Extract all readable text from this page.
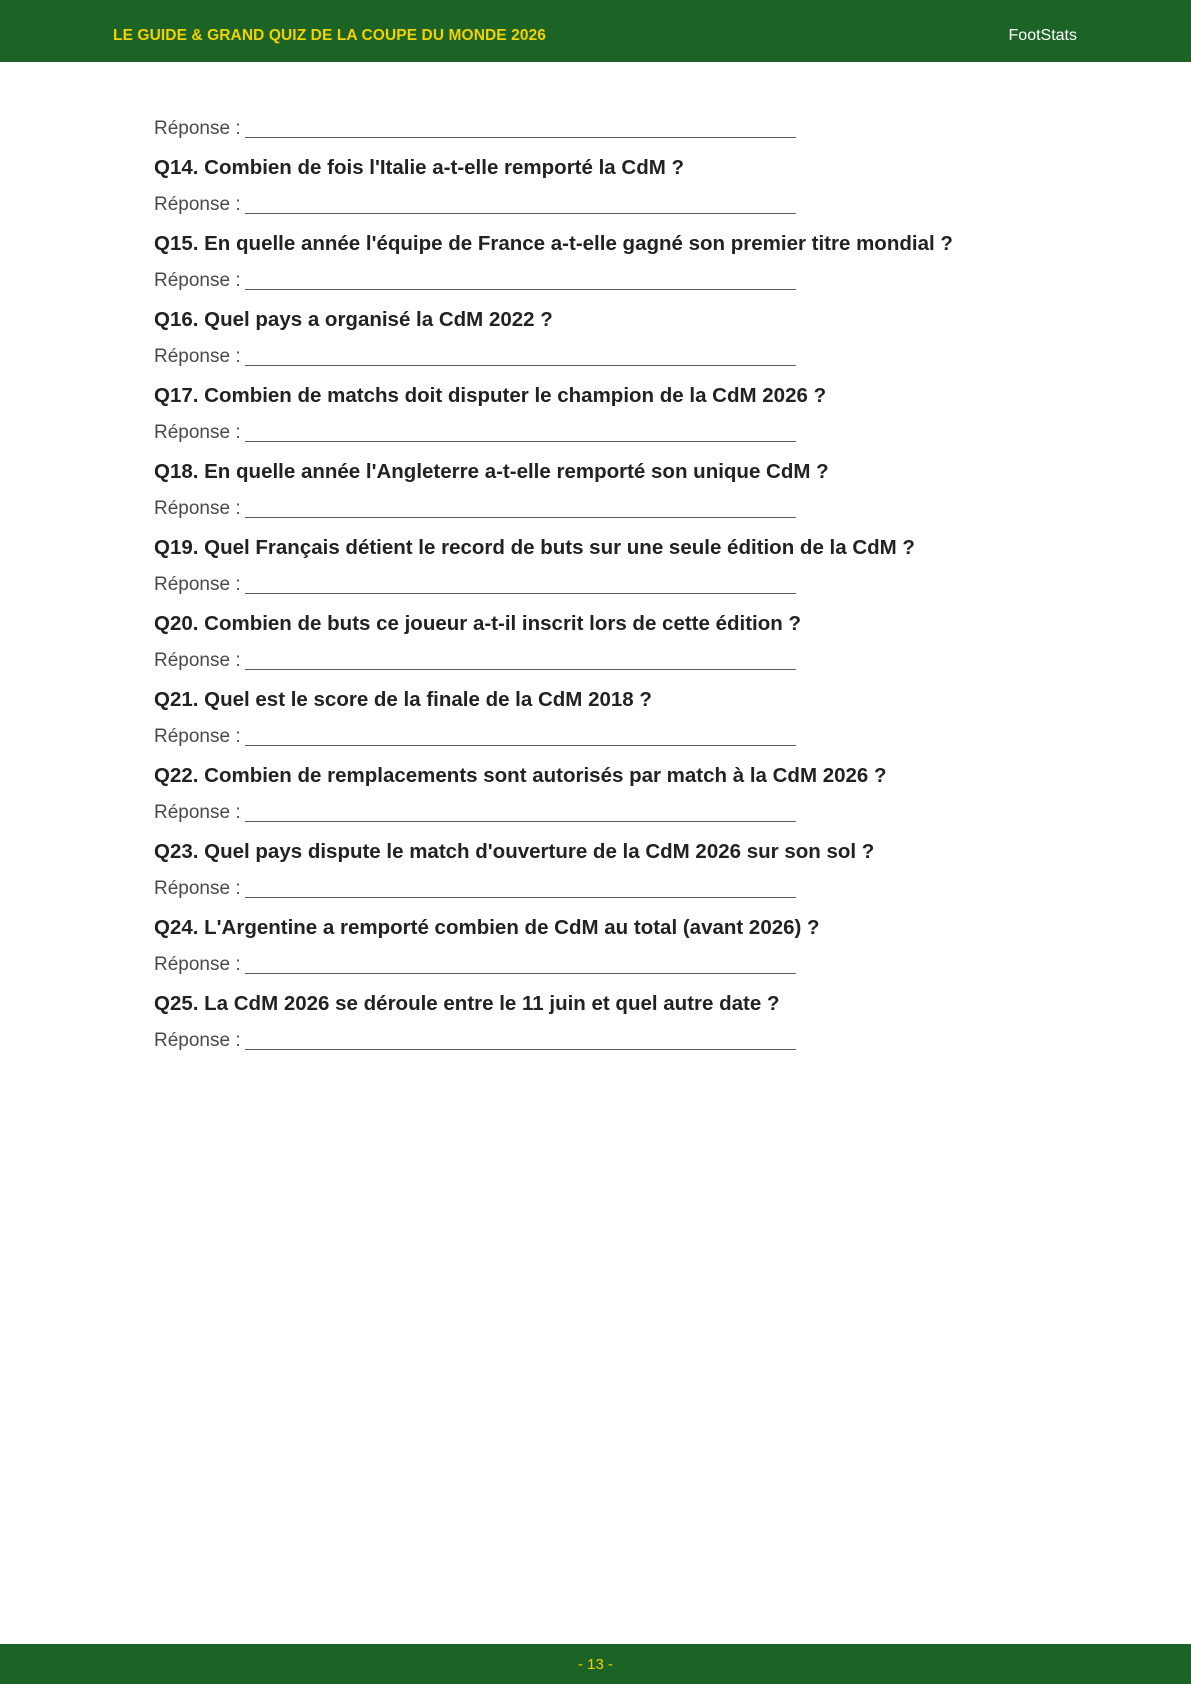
LE GUIDE & GRAND QUIZ DE LA COUPE DU MONDE 2026	FootStats
Réponse :
Q14. Combien de fois l'Italie a-t-elle remporté la CdM ?
Réponse :
Q15. En quelle année l'équipe de France a-t-elle gagné son premier titre mondial ?
Réponse :
Q16. Quel pays a organisé la CdM 2022 ?
Réponse :
Q17. Combien de matchs doit disputer le champion de la CdM 2026 ?
Réponse :
Q18. En quelle année l'Angleterre a-t-elle remporté son unique CdM ?
Réponse :
Q19. Quel Français détient le record de buts sur une seule édition de la CdM ?
Réponse :
Q20. Combien de buts ce joueur a-t-il inscrit lors de cette édition ?
Réponse :
Q21. Quel est le score de la finale de la CdM 2018 ?
Réponse :
Q22. Combien de remplacements sont autorisés par match à la CdM 2026 ?
Réponse :
Q23. Quel pays dispute le match d'ouverture de la CdM 2026 sur son sol ?
Réponse :
Q24. L'Argentine a remporté combien de CdM au total (avant 2026) ?
Réponse :
Q25. La CdM 2026 se déroule entre le 11 juin et quel autre date ?
Réponse :
- 13 -
